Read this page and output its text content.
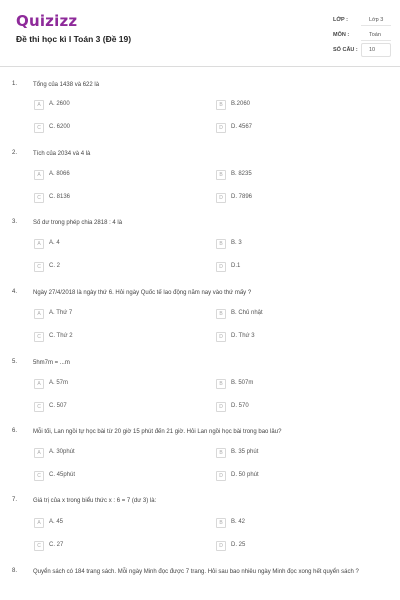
Quizizz
Đề thi học kì I Toán 3 (Đề 19)
LỚP :	Lớp 3
MÔN :	Toán
SỐ CÂU : 10
1.	Tổng của 1438 và 622 là
A	A. 2600	B	B.2060
C	C. 6200	D	D. 4567
2.	Tích của 2034 và 4 là
A	A. 8066	B	B. 8235
C	C. 8136	D	D. 7896
3.	Số dư trong phép chia 2818 : 4 là
A	A. 4	B	B. 3
C	C. 2	D	D.1
4.	Ngày 27/4/2018 là ngày thứ 6. Hỏi ngày Quốc tế lao động năm nay vào thứ mấy ?
A	A. Thứ 7	B	B. Chủ nhật
C	C. Thứ 2	D	D. Thứ 3
5.	5hm7m = ...m
A	A. 57m	B	B. 507m
C	C. 507	D	D. 570
6.	Mỗi tối, Lan ngồi tự học bài từ 20 giờ 15 phút đến 21 giờ. Hỏi Lan ngồi học bài trong bao lâu?
A	A. 30phút	B	B. 35 phút
C	C. 45phút	D	D. 50 phút
7.	Giá trị của x trong biểu thức x : 6 = 7 (dư 3) là:
A	A. 45	B	B. 42
C	C. 27	D	D. 25
8.	Quyển sách có 184 trang sách. Mỗi ngày Minh đọc được 7 trang. Hỏi sau bao nhiêu ngày Minh đọc xong hết quyển sách ?
